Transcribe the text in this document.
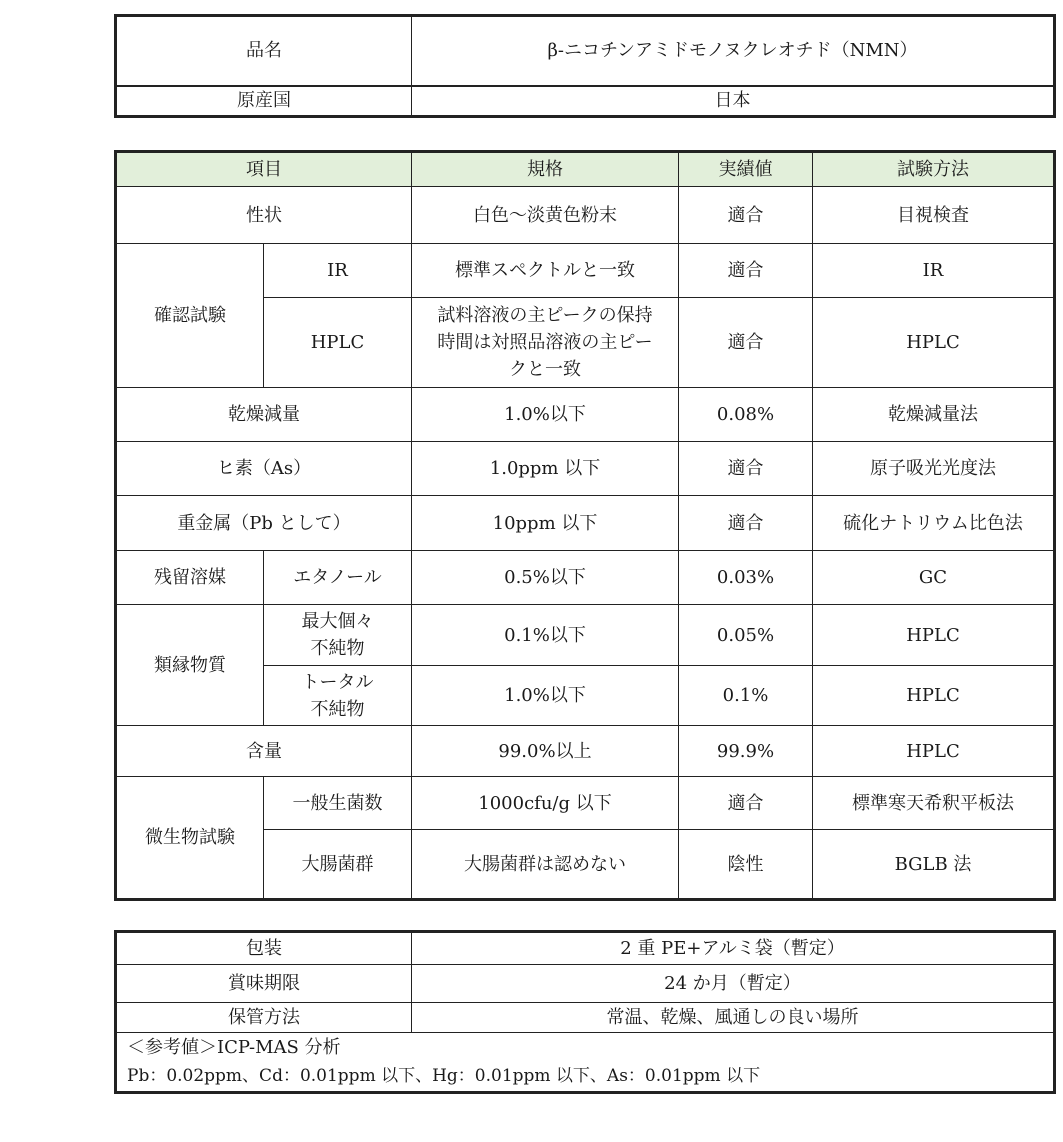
品名	β-ニコチンアミドモノヌクレオチド（NMN）
原産国	日本
項目		規格	実績値	試験方法
性状		白色～淡黄色粉末	適合	目視検査
確認試験	IR	標準スペクトルと一致	適合	IR
	HPLC	試料溶液の主ピークの保持時間は対照品溶液の主ピークと一致	適合	HPLC
乾燥減量		1.0%以下	0.08%	乾燥減量法
ヒ素（As）		1.0ppm 以下	適合	原子吸光光度法
重金属（Pb として）		10ppm 以下	適合	硫化ナトリウム比色法
残留溶媒	エタノール	0.5%以下	0.03%	GC
類縁物質	最大個々不純物	0.1%以下	0.05%	HPLC
	トータル不純物	1.0%以下	0.1%	HPLC
含量		99.0%以上	99.9%	HPLC
微生物試験	一般生菌数	1000cfu/g 以下	適合	標準寒天希釈平板法
	大腸菌群	大腸菌群は認めない	陰性	BGLB 法
包装	2 重 PE+アルミ袋（暫定）
賞味期限	24 か月（暫定）
保管方法	常温、乾燥、風通しの良い場所
＜参考値＞ICP-MAS 分析	
Pb：0.02ppm、Cd：0.01ppm 以下、Hg：0.01ppm 以下、As：0.01ppm 以下	
